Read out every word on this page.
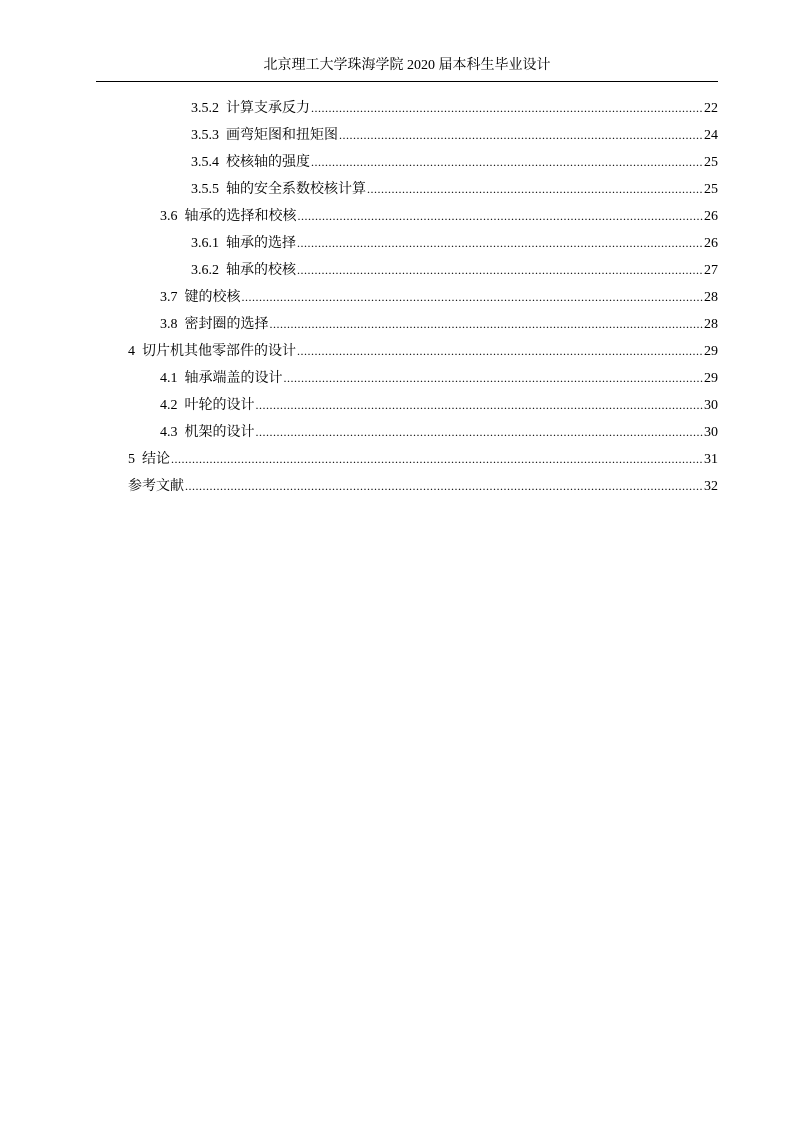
北京理工大学珠海学院 2020 届本科生毕业设计
3.5.2 计算支承反力 .....	22
3.5.3 画弯矩图和扭矩图 .....	24
3.5.4 校核轴的强度 .....	25
3.5.5 轴的安全系数校核计算 .....	25
3.6 轴承的选择和校核 .....	26
3.6.1 轴承的选择 .....	26
3.6.2 轴承的校核 .....	27
3.7 键的校核 .....	28
3.8 密封圈的选择 .....	28
4 切片机其他零部件的设计 .....	29
4.1 轴承端盖的设计 .....	29
4.2 叶轮的设计 .....	30
4.3 机架的设计 .....	30
5 结论 .....	31
参考文献 .....	32
